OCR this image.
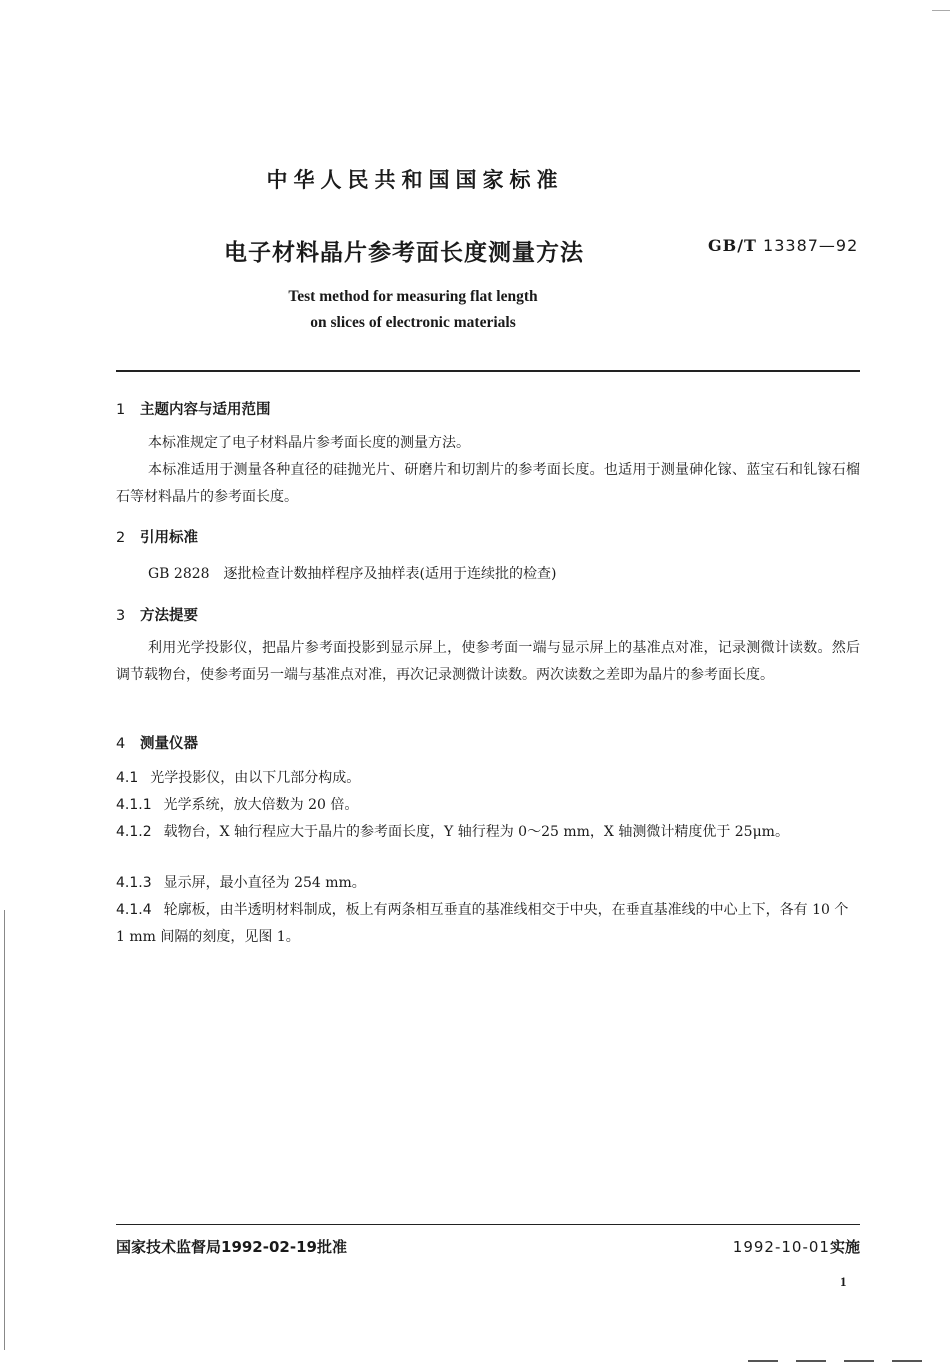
中华人民共和国国家标准
电子材料晶片参考面长度测量方法	GB/T 13387—92
Test method for measuring flat length
on slices of electronic materials
1 主题内容与适用范围
本标准规定了电子材料晶片参考面长度的测量方法。
本标准适用于测量各种直径的硅抛光片、研磨片和切割片的参考面长度。也适用于测量砷化镓、蓝宝石和钆镓石榴石等材料晶片的参考面长度。
2 引用标准
GB 2828　逐批检查计数抽样程序及抽样表(适用于连续批的检查)
3 方法提要
利用光学投影仪，把晶片参考面投影到显示屏上，使参考面一端与显示屏上的基准点对准，记录测微计读数。然后调节载物台，使参考面另一端与基准点对准，再次记录测微计读数。两次读数之差即为晶片的参考面长度。
4 测量仪器
4.1 光学投影仪，由以下几部分构成。
4.1.1 光学系统，放大倍数为 20 倍。
4.1.2 载物台，X 轴行程应大于晶片的参考面长度，Y 轴行程为 0～25 mm，X 轴测微计精度优于 25μm。
4.1.3 显示屏，最小直径为 254 mm。
4.1.4 轮廓板，由半透明材料制成，板上有两条相互垂直的基准线相交于中央，在垂直基准线的中心上下，各有 10 个 1 mm 间隔的刻度，见图 1。
国家技术监督局1992-02-19批准	1992-10-01实施
1
